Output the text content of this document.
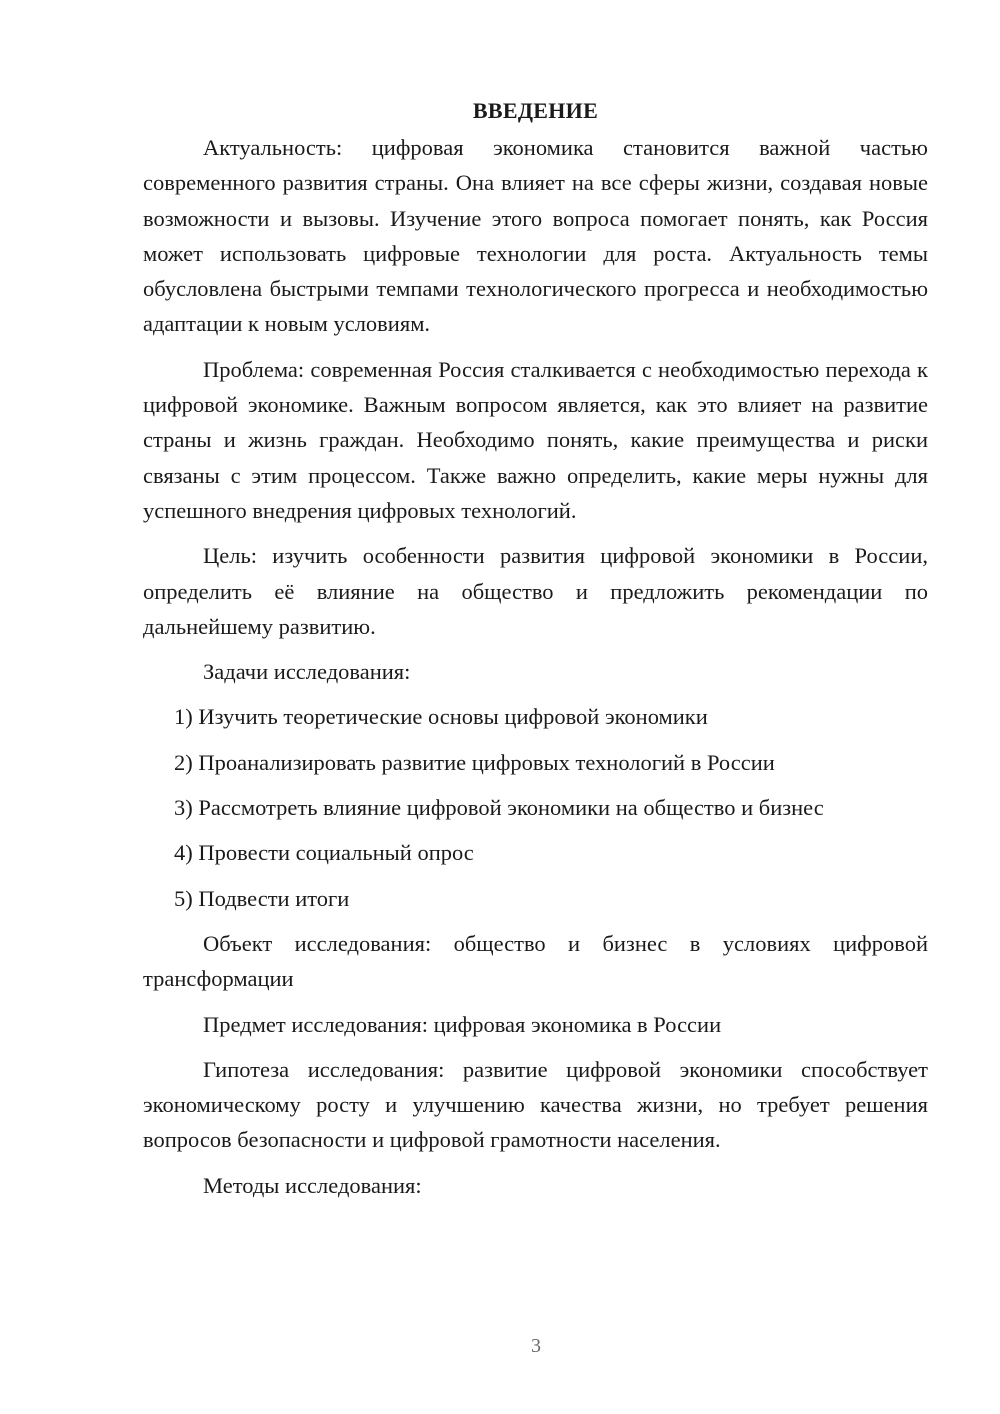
ВВЕДЕНИЕ

Актуальность: цифровая экономика становится важной частью современного развития страны. Она влияет на все сферы жизни, создавая новые возможности и вызовы. Изучение этого вопроса помогает понять, как Россия может использовать цифровые технологии для роста. Актуальность темы обусловлена быстрыми темпами технологического прогресса и необходимостью адаптации к новым условиям.

Проблема: современная Россия сталкивается с необходимостью перехода к цифровой экономике. Важным вопросом является, как это влияет на развитие страны и жизнь граждан. Необходимо понять, какие преимущества и риски связаны с этим процессом. Также важно определить, какие меры нужны для успешного внедрения цифровых технологий.

Цель: изучить особенности развития цифровой экономики в России, определить её влияние на общество и предложить рекомендации по дальнейшему развитию.

Задачи исследования:
1) Изучить теоретические основы цифровой экономики
2) Проанализировать развитие цифровых технологий в России
3) Рассмотреть влияние цифровой экономики на общество и бизнес
4) Провести социальный опрос
5) Подвести итоги

Объект исследования: общество и бизнес в условиях цифровой трансформации

Предмет исследования: цифровая экономика в России

Гипотеза исследования: развитие цифровой экономики способствует экономическому росту и улучшению качества жизни, но требует решения вопросов безопасности и цифровой грамотности населения.

Методы исследования:
3
